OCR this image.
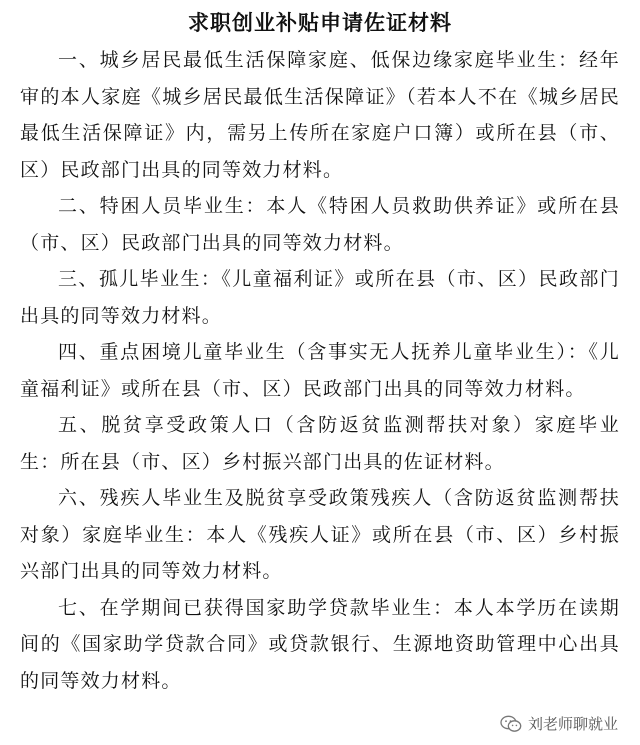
求职创业补贴申请佐证材料

一、城乡居民最低生活保障家庭、低保边缘家庭毕业生：经年审的本人家庭《城乡居民最低生活保障证》（若本人不在《城乡居民最低生活保障证》内，需另上传所在家庭户口簿）或所在县（市、区）民政部门出具的同等效力材料。

二、特困人员毕业生：本人《特困人员救助供养证》或所在县（市、区）民政部门出具的同等效力材料。

三、孤儿毕业生：《儿童福利证》或所在县（市、区）民政部门出具的同等效力材料。

四、重点困境儿童毕业生（含事实无人抚养儿童毕业生）：《儿童福利证》或所在县（市、区）民政部门出具的同等效力材料。

五、脱贫享受政策人口（含防返贫监测帮扶对象）家庭毕业生：所在县（市、区）乡村振兴部门出具的佐证材料。

六、残疾人毕业生及脱贫享受政策残疾人（含防返贫监测帮扶对象）家庭毕业生：本人《残疾人证》或所在县（市、区）乡村振兴部门出具的同等效力材料。

七、在学期间已获得国家助学贷款毕业生：本人本学历在读期间的《国家助学贷款合同》或贷款银行、生源地资助管理中心出具的同等效力材料。

刘老师聊就业
